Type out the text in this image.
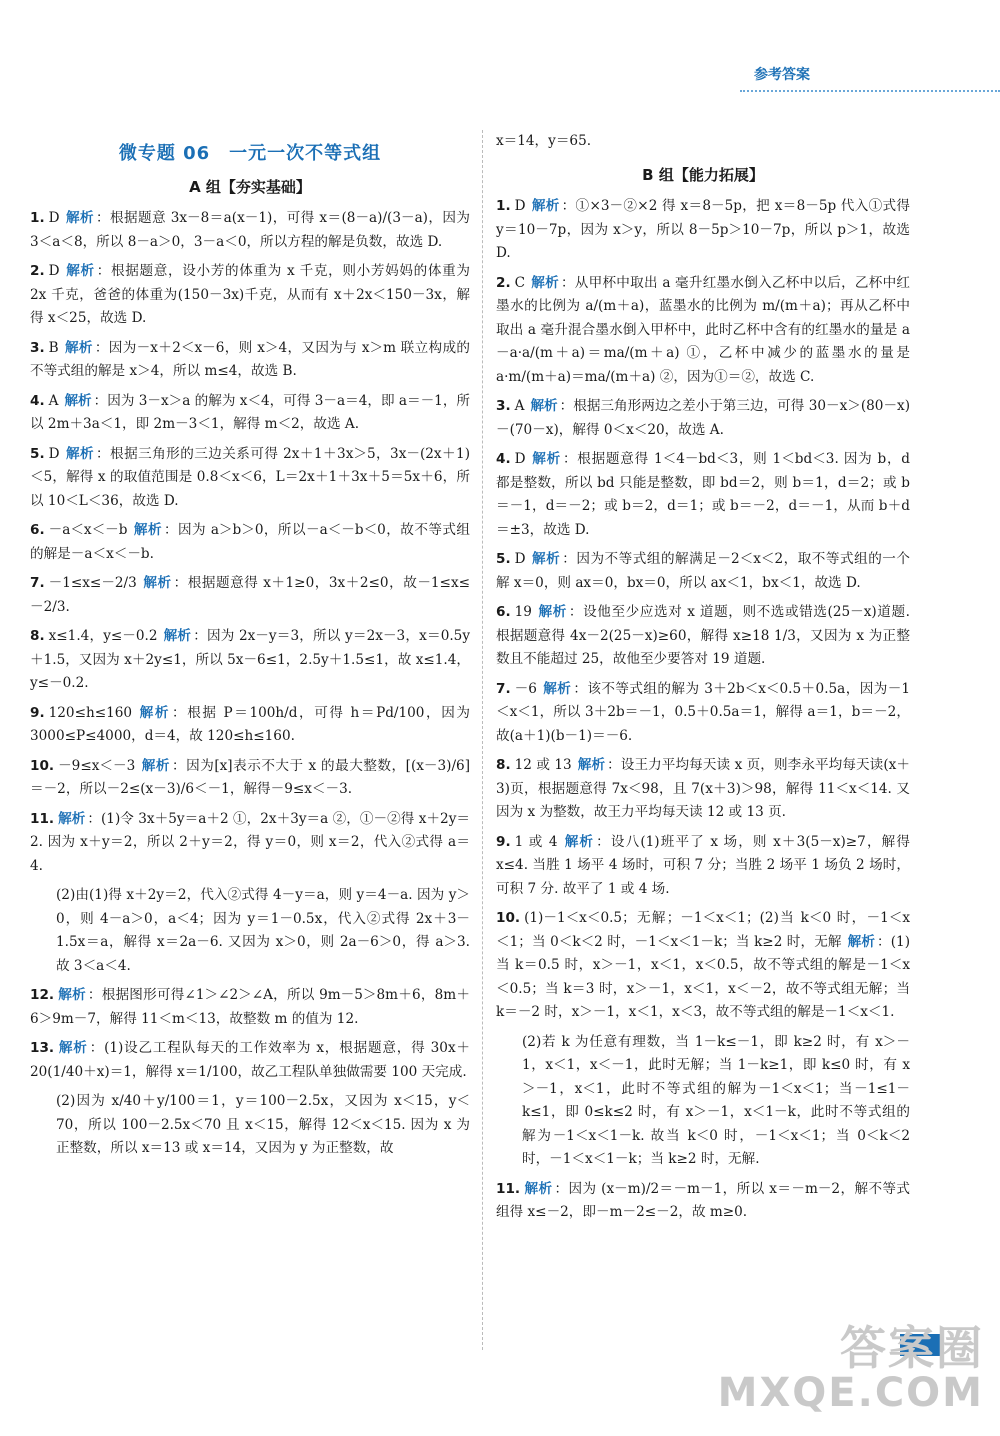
参考答案
微专题 06　一元一次不等式组
A 组【夯实基础】
1. D 解析 ：根据题意 3x－8＝a(x－1)，可得 x＝(8－a)/(3－a)，因为 3＜a＜8，所以 8－a＞0，3－a＜0，所以方程的解是负数，故选 D.
2. D 解析 ：根据题意，设小芳的体重为 x 千克，则小芳妈妈的体重为 2x 千克，爸爸的体重为(150－3x)千克，从而有 x＋2x＜150－3x，解得 x＜25，故选 D.
3. B 解析 ：因为－x＋2＜x－6，则 x＞4，又因为与 x＞m 联立构成的不等式组的解是 x＞4，所以 m≤4，故选 B.
4. A 解析 ：因为 3－x＞a 的解为 x＜4，可得 3－a＝4，即 a＝－1，所以 2m＋3a＜1，即 2m－3＜1，解得 m＜2，故选 A.
5. D 解析 ：根据三角形的三边关系可得 2x＋1＋3x＞5，3x－(2x＋1)＜5，解得 x 的取值范围是 0.8＜x＜6，L＝2x＋1＋3x＋5＝5x＋6，所以 10＜L＜36，故选 D.
6. －a＜x＜－b 解析 ：因为 a＞b＞0，所以－a＜－b＜0，故不等式组的解是－a＜x＜－b.
7. －1≤x≤－2/3 解析 ：根据题意得 x＋1≥0，3x＋2≤0，故－1≤x≤－2/3.
8. x≤1.4，y≤－0.2 解析 ：因为 2x－y＝3，所以 y＝2x－3，x＝0.5y＋1.5，又因为 x＋2y≤1，所以 5x－6≤1，2.5y＋1.5≤1，故 x≤1.4，y≤－0.2.
9. 120≤h≤160 解析 ：根据 P＝100h/d，可得 h＝Pd/100，因为 3000≤P≤4000，d＝4，故 120≤h≤160.
10. －9≤x＜－3 解析 ：因为[x]表示不大于 x 的最大整数，[(x－3)/6]＝－2，所以－2≤(x－3)/6＜－1，解得－9≤x＜－3.
11. 解析 ：(1)令 3x＋5y＝a＋2 ①，2x＋3y＝a ②，①－②得 x＋2y＝2. 因为 x＋y＝2，所以 2＋y＝2，得 y＝0，则 x＝2，代入②式得 a＝4.
(2)由(1)得 x＋2y＝2，代入②式得 4－y＝a，则 y＝4－a. 因为 y＞0，则 4－a＞0，a＜4；因为 y＝1－0.5x，代入②式得 2x＋3－1.5x＝a，解得 x＝2a－6. 又因为 x＞0，则 2a－6＞0，得 a＞3. 故 3＜a＜4.
12. 解析 ：根据图形可得∠1＞∠2＞∠A，所以 9m－5＞8m＋6，8m＋6＞9m－7，解得 11＜m＜13，故整数 m 的值为 12.
13. 解析 ：(1)设乙工程队每天的工作效率为 x，根据题意，得 30x＋20(1/40＋x)＝1，解得 x＝1/100，故乙工程队单独做需要 100 天完成.
(2)因为 x/40＋y/100＝1，y＝100－2.5x，又因为 x＜15，y＜70，所以 100－2.5x＜70 且 x＜15，解得 12＜x＜15. 因为 x 为正整数，所以 x＝13 或 x＝14，又因为 y 为正整数，故
x＝14，y＝65.
B 组【能力拓展】
1. D 解析 ：①×3－②×2 得 x＝8－5p，把 x＝8－5p 代入①式得 y＝10－7p，因为 x＞y，所以 8－5p＞10－7p，所以 p＞1，故选 D.
2. C 解析 ：从甲杯中取出 a 毫升红墨水倒入乙杯中以后，乙杯中红墨水的比例为 a/(m＋a)，蓝墨水的比例为 m/(m＋a)；再从乙杯中取出 a 毫升混合墨水倒入甲杯中，此时乙杯中含有的红墨水的量是 a－a·a/(m＋a)＝ma/(m＋a) ①，乙杯中减少的蓝墨水的量是 a·m/(m＋a)＝ma/(m＋a) ②，因为①＝②，故选 C.
3. A 解析 ：根据三角形两边之差小于第三边，可得 30－x＞(80－x)－(70－x)，解得 0＜x＜20，故选 A.
4. D 解析 ：根据题意得 1＜4－bd＜3，则 1＜bd＜3. 因为 b，d 都是整数，所以 bd 只能是整数，即 bd＝2，则 b＝1，d＝2；或 b＝－1，d＝－2；或 b＝2，d＝1；或 b＝－2，d＝－1，从而 b＋d＝±3，故选 D.
5. D 解析 ：因为不等式组的解满足－2＜x＜2，取不等式组的一个解 x＝0，则 ax＝0，bx＝0，所以 ax＜1，bx＜1，故选 D.
6. 19 解析 ：设他至少应选对 x 道题，则不选或错选(25－x)道题. 根据题意得 4x－2(25－x)≥60，解得 x≥18 1/3，又因为 x 为正整数且不能超过 25，故他至少要答对 19 道题.
7. －6 解析 ：该不等式组的解为 3＋2b＜x＜0.5＋0.5a，因为－1＜x＜1，所以 3＋2b＝－1，0.5＋0.5a＝1，解得 a＝1，b＝－2，故(a＋1)(b－1)＝－6.
8. 12 或 13 解析 ：设王力平均每天读 x 页，则李永平均每天读(x＋3)页，根据题意得 7x＜98，且 7(x＋3)＞98，解得 11＜x＜14. 又因为 x 为整数，故王力平均每天读 12 或 13 页.
9. 1 或 4 解析 ：设八(1)班平了 x 场，则 x＋3(5－x)≥7，解得 x≤4. 当胜 1 场平 4 场时，可积 7 分；当胜 2 场平 1 场负 2 场时，可积 7 分. 故平了 1 或 4 场.
10. (1)－1＜x＜0.5；无解；－1＜x＜1；(2)当 k＜0 时，－1＜x＜1；当 0＜k＜2 时，－1＜x＜1－k；当 k≥2 时，无解 解析 ：(1)当 k＝0.5 时，x＞－1，x＜1，x＜0.5，故不等式组的解是－1＜x＜0.5；当 k＝3 时，x＞－1，x＜1，x＜－2，故不等式组无解；当 k＝－2 时，x＞－1，x＜1，x＜3，故不等式组的解是－1＜x＜1.
(2)若 k 为任意有理数，当 1－k≤－1，即 k≥2 时，有 x＞－1，x＜1，x＜－1，此时无解；当 1－k≥1，即 k≤0 时，有 x＞－1，x＜1，此时不等式组的解为－1＜x＜1；当－1≤1－k≤1，即 0≤k≤2 时，有 x＞－1，x＜1－k，此时不等式组的解为－1＜x＜1－k. 故当 k＜0 时，－1＜x＜1；当 0＜k＜2 时，－1＜x＜1－k；当 k≥2 时，无解.
11. 解析 ：因为 (x－m)/2＝－m－1，所以 x＝－m－2，解不等式组得 x≤－2，即－m－2≤－2，故 m≥0.
答案圈
MXQE.COM
